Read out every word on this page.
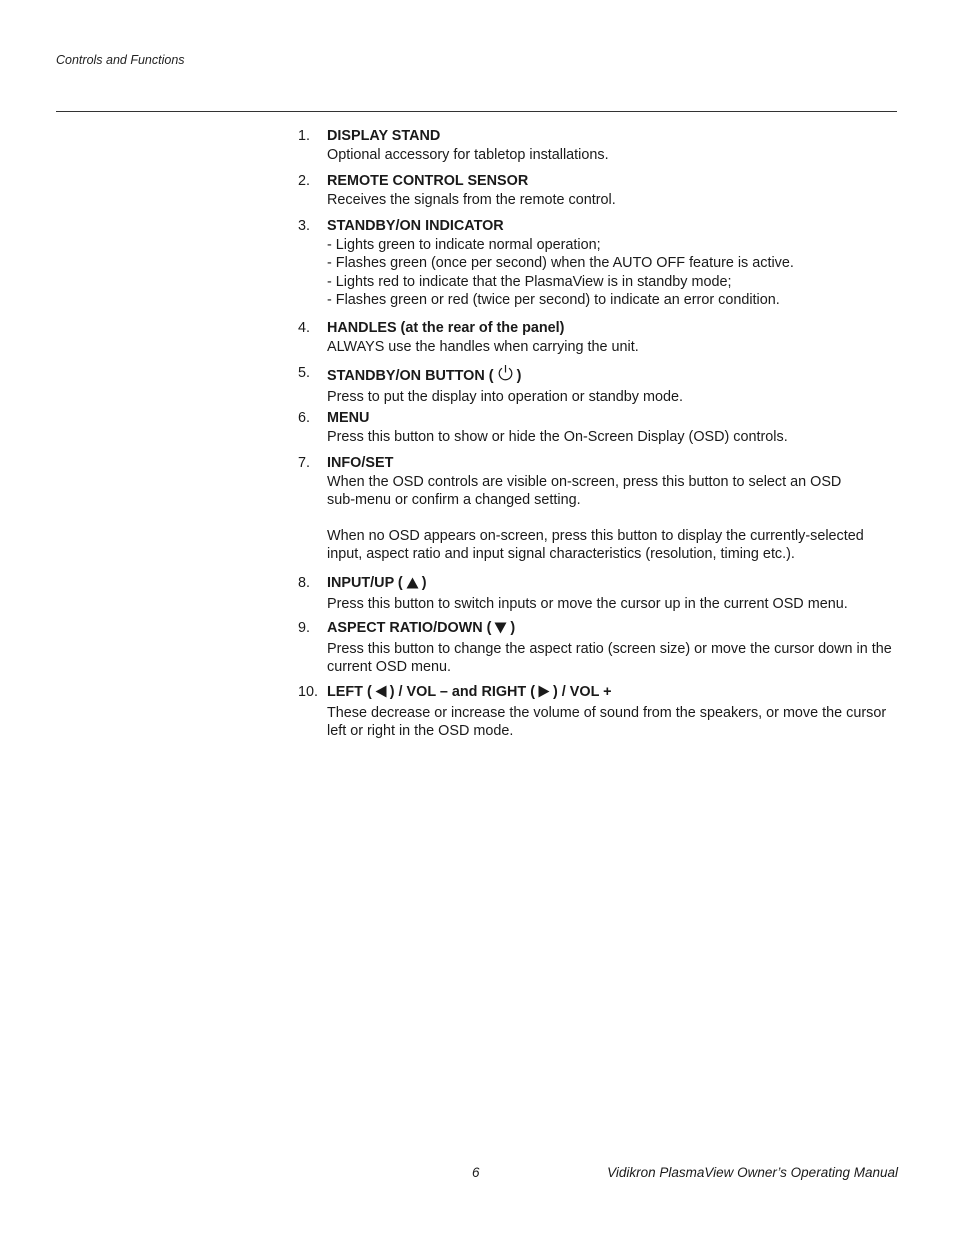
Controls and Functions
1. DISPLAY STAND
Optional accessory for tabletop installations.
2. REMOTE CONTROL SENSOR
Receives the signals from the remote control.
3. STANDBY/ON INDICATOR
- Lights green to indicate normal operation;
- Flashes green (once per second) when the AUTO OFF feature is active.
- Lights red to indicate that the PlasmaView is in standby mode;
- Flashes green or red (twice per second) to indicate an error condition.
4. HANDLES (at the rear of the panel)
ALWAYS use the handles when carrying the unit.
5. STANDBY/ON BUTTON ( )
Press to put the display into operation or standby mode.
6. MENU
Press this button to show or hide the On-Screen Display (OSD) controls.
7. INFO/SET
When the OSD controls are visible on-screen, press this button to select an OSD
sub-menu or confirm a changed setting.
When no OSD appears on-screen, press this button to display the currently-selected
input, aspect ratio and input signal characteristics (resolution, timing etc.).
8. INPUT/UP ( )
Press this button to switch inputs or move the cursor up in the current OSD menu.
9. ASPECT RATIO/DOWN ( )
Press this button to change the aspect ratio (screen size) or move the cursor down in the
current OSD menu.
10. LEFT ( ) / VOL – and RIGHT ( ) / VOL +
These decrease or increase the volume of sound from the speakers, or move the cursor
left or right in the OSD mode.
6	Vidikron PlasmaView Owner’s Operating Manual
